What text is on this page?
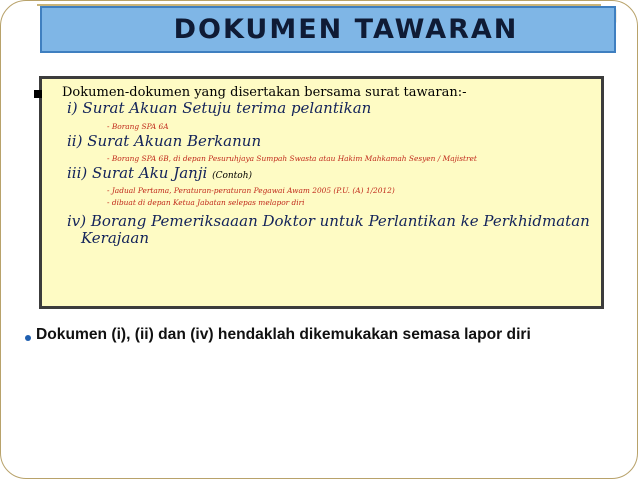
DOKUMEN TAWARAN
Dokumen-dokumen yang disertakan bersama surat tawaran:-
i) Surat Akuan Setuju terima pelantikan
- Borang SPA 6A
ii) Surat Akuan Berkanun
- Borang SPA 6B, di depan Pesuruhjaya Sumpah Swasta atau Hakim Mahkamah Sesyen / Majistret
iii) Surat Aku Janji (Contoh)
- Jadual Pertama, Peraturan-peraturan Pegawai Awam 2005 (P.U. (A) 1/2012)
- dibuat di depan Ketua Jabatan selepas melapor diri
iv) Borang Pemeriksaaan Doktor untuk Perlantikan ke Perkhidmatan
Kerajaan
Dokumen (i), (ii) dan (iv) hendaklah dikemukakan semasa lapor diri
